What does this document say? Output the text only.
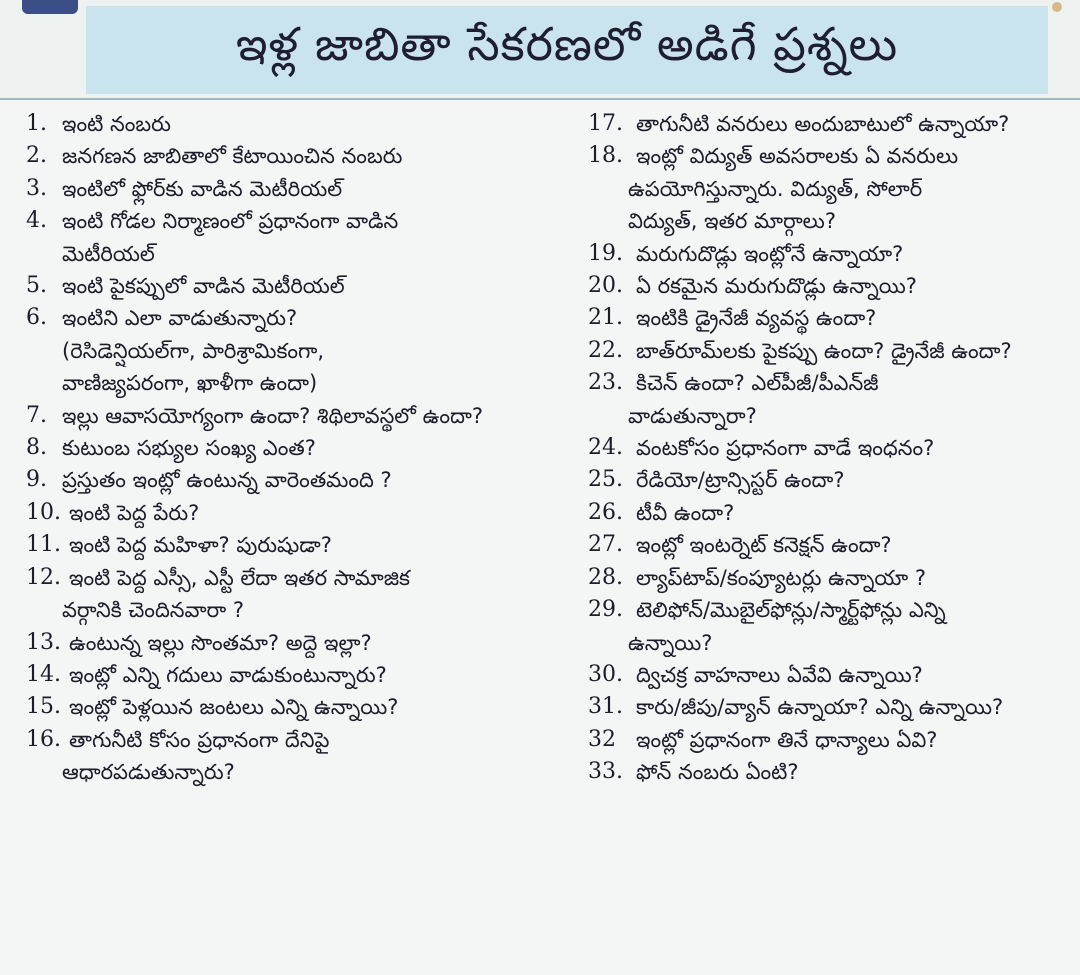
ఇళ్ల జాబితా సేకరణలో అడిగే ప్రశ్నలు
1. ఇంటి నంబరు
2. జనగణన జాబితాలో కేటాయించిన నంబరు
3. ఇంటిలో ఫ్లోర్‌కు వాడిన మెటీరియల్
4. ఇంటి గోడల నిర్మాణంలో ప్రధానంగా వాడిన
మెటీరియల్
5. ఇంటి పైకప్పులో వాడిన మెటీరియల్
6. ఇంటిని ఎలా వాడుతున్నారు?
(రెసిడెన్షియల్‌గా, పారిశ్రామికంగా,
వాణిజ్యపరంగా, ఖాళీగా ఉందా)
7. ఇల్లు ఆవాసయోగ్యంగా ఉందా? శిథిలావస్థలో ఉందా?
8. కుటుంబ సభ్యుల సంఖ్య ఎంత?
9. ప్రస్తుతం ఇంట్లో ఉంటున్న వారెంతమంది ?
10. ఇంటి పెద్ద పేరు?
11. ఇంటి పెద్ద మహిళా? పురుషుడా?
12. ఇంటి పెద్ద ఎస్సీ, ఎస్టీ లేదా ఇతర సామాజిక
వర్గానికి చెందినవారా ?
13. ఉంటున్న ఇల్లు సొంతమా? అద్దె ఇల్లా?
14. ఇంట్లో ఎన్ని గదులు వాడుకుంటున్నారు?
15. ఇంట్లో పెళ్లయిన జంటలు ఎన్ని ఉన్నాయి?
16. తాగునీటి కోసం ప్రధానంగా దేనిపై
ఆధారపడుతున్నారు?
17. తాగునీటి వనరులు అందుబాటులో ఉన్నాయా?
18. ఇంట్లో విద్యుత్ అవసరాలకు ఏ వనరులు
ఉపయోగిస్తున్నారు. విద్యుత్, సోలార్
విద్యుత్, ఇతర మార్గాలు?
19. మరుగుదొడ్లు ఇంట్లోనే ఉన్నాయా?
20. ఏ రకమైన మరుగుదొడ్లు ఉన్నాయి?
21. ఇంటికి డ్రైనేజీ వ్యవస్థ ఉందా?
22. బాత్‌రూమ్‌లకు పైకప్పు ఉందా? డ్రైనేజీ ఉందా?
23. కిచెన్ ఉందా? ఎల్‌పీజీ/పీఎన్‌జీ
వాడుతున్నారా?
24. వంటకోసం ప్రధానంగా వాడే ఇంధనం?
25. రేడియో/ట్రాన్సిస్టర్ ఉందా?
26. టీవీ ఉందా?
27. ఇంట్లో ఇంటర్నెట్ కనెక్షన్ ఉందా?
28. ల్యాప్‌టాప్/కంప్యూటర్లు ఉన్నాయా ?
29. టెలిఫోన్/మొబైల్‌ఫోన్లు/స్మార్ట్‌ఫోన్లు ఎన్ని
ఉన్నాయి?
30. ద్విచక్ర వాహనాలు ఏవేవి ఉన్నాయి?
31. కారు/జీపు/వ్యాన్ ఉన్నాయా? ఎన్ని ఉన్నాయి?
32 ఇంట్లో ప్రధానంగా తినే ధాన్యాలు ఏవి?
33. ఫోన్ నంబరు ఏంటి?
